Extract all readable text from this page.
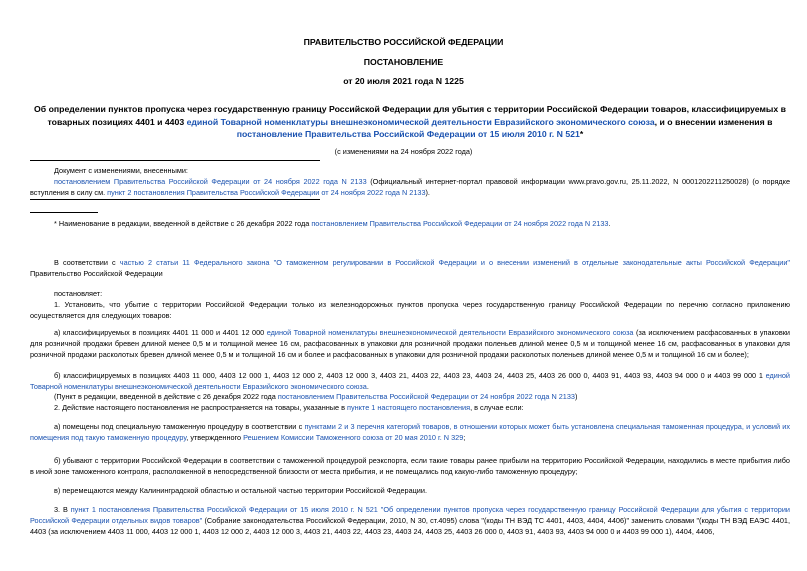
ПРАВИТЕЛЬСТВО РОССИЙСКОЙ ФЕДЕРАЦИИ
ПОСТАНОВЛЕНИЕ
от 20 июля 2021 года N 1225
Об определении пунктов пропуска через государственную границу Российской Федерации для убытия с территории Российской Федерации товаров, классифицируемых в товарных позициях 4401 и 4403 единой Товарной номенклатуры внешнеэкономической деятельности Евразийского экономического союза, и о внесении изменения в постановление Правительства Российской Федерации от 15 июля 2010 г. N 521*
(с изменениями на 24 ноября 2022 года)
Документ с изменениями, внесенными:
постановлением Правительства Российской Федерации от 24 ноября 2022 года N 2133 (Официальный интернет-портал правовой информации www.pravo.gov.ru, 25.11.2022, N 0001202211250028) (о порядке вступления в силу см. пункт 2 постановления Правительства Российской Федерации от 24 ноября 2022 года N 2133).
* Наименование в редакции, введенной в действие с 26 декабря 2022 года постановлением Правительства Российской Федерации от 24 ноября 2022 года N 2133.
В соответствии с частью 2 статьи 11 Федерального закона "О таможенном регулировании в Российской Федерации и о внесении изменений в отдельные законодательные акты Российской Федерации" Правительство Российской Федерации
постановляет:
1. Установить, что убытие с территории Российской Федерации только из железнодорожных пунктов пропуска через государственную границу Российской Федерации по перечню согласно приложению осуществляется для следующих товаров:
а) классифицируемых в позициях 4401 11 000 и 4401 12 000 единой Товарной номенклатуры внешнеэкономической деятельности Евразийского экономического союза (за исключением расфасованных в упаковки для розничной продажи бревен длиной менее 0,5 м и толщиной менее 16 см, расфасованных в упаковки для розничной продажи поленьев длиной менее 0,5 м и толщиной менее 16 см, расфасованных в упаковки для розничной продажи расколотых бревен длиной менее 0,5 м и толщиной 16 см и более и расфасованных в упаковки для розничной продажи расколотых поленьев длиной менее 0,5 м и толщиной 16 см и более);
б) классифицируемых в позициях 4403 11 000, 4403 12 000 1, 4403 12 000 2, 4403 12 000 3, 4403 21, 4403 22, 4403 23, 4403 24, 4403 25, 4403 26 000 0, 4403 91, 4403 93, 4403 94 000 0 и 4403 99 000 1 единой Товарной номенклатуры внешнеэкономической деятельности Евразийского экономического союза.
(Пункт в редакции, введенной в действие с 26 декабря 2022 года постановлением Правительства Российской Федерации от 24 ноября 2022 года N 2133)
2. Действие настоящего постановления не распространяется на товары, указанные в пункте 1 настоящего постановления, в случае если:
а) помещены под специальную таможенную процедуру в соответствии с пунктами 2 и 3 перечня категорий товаров, в отношении которых может быть установлена специальная таможенная процедура, и условий их помещения под такую таможенную процедуру, утвержденного Решением Комиссии Таможенного союза от 20 мая 2010 г. N 329;
б) убывают с территории Российской Федерации в соответствии с таможенной процедурой реэкспорта, если такие товары ранее прибыли на территорию Российской Федерации, находились в месте прибытия либо в иной зоне таможенного контроля, расположенной в непосредственной близости от места прибытия, и не помещались под какую-либо таможенную процедуру;
в) перемещаются между Калининградской областью и остальной частью территории Российской Федерации.
3. В пункт 1 постановления Правительства Российской Федерации от 15 июля 2010 г. N 521 "Об определении пунктов пропуска через государственную границу Российской Федерации для убытия с территории Российской Федерации отдельных видов товаров" (Собрание законодательства Российской Федерации, 2010, N 30, ст.4095) слова "(коды ТН ВЭД ТС 4401, 4403, 4404, 4406)" заменить словами "(коды ТН ВЭД ЕАЭС 4401, 4403 (за исключением 4403 11 000, 4403 12 000 1, 4403 12 000 2, 4403 12 000 3, 4403 21, 4403 22, 4403 23, 4403 24, 4403 25, 4403 26 000 0, 4403 91, 4403 93, 4403 94 000 0 и 4403 99 000 1), 4404, 4406,
